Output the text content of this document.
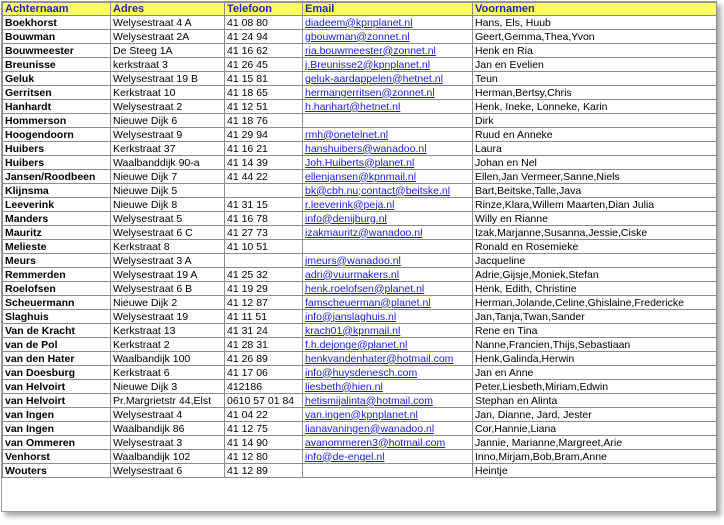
Achternaam	Adres	Telefoon	Email	Voornamen
Boekhorst	Welysestraat 4 A	41 08 80	diadeem@kpnplanet.nl	Hans, Els, Huub
Bouwman	Welysestraat 2A	41 24 94	gbouwman@zonnet.nl	Geert,Gemma,Thea,Yvon
Bouwmeester	De Steeg 1A	41 16 62	ria.bouwmeester@zonnet.nl	Henk en Ria
Breunisse	kerkstraat 3	41 26 45	j.Breunisse2@kpnplanet.nl	Jan en Evelien
Geluk	Welysestraat 19 B	41 15 81	geluk-aardappelen@hetnet.nl	Teun
Gerritsen	Kerkstraat 10	41 18 65	hermangerritsen@zonnet.nl	Herman,Bertsy,Chris
Hanhardt	Welysestraat 2	41 12 51	h.hanhart@hetnet.nl	Henk, Ineke, Lonneke, Karin
Hommerson	Nieuwe Dijk 6	41 18 76		Dirk
Hoogendoorn	Welysestraat 9	41 29 94	rmh@onetelnet.nl	Ruud en Anneke
Huibers	Kerkstraat 37	41 16 21	hanshuibers@wanadoo.nl	Laura
Huibers	Waalbanddijk 90-a	41 14 39	Joh.Huiberts@planet.nl	Johan en Nel
Jansen/Roodbeen	Nieuwe Dijk 7	41 44 22	ellenjansen@kpnmail.nl	Ellen,Jan Vermeer,Sanne,Niels
Klijnsma	Nieuwe Dijk 5		bk@cbh.nu;contact@beitske.nl	Bart,Beitske,Talle,Java
Leeverink	Nieuwe Dijk 8	41 31 15	r.leeverink@peja.nl	Rinze,Klara,Willem Maarten,Dian Julia
Manders	Welysestraat 5	41 16 78	info@denijburg.nl	Willy en Rianne
Mauritz	Welysestraat 6 C	41 27 73	izakmauritz@wanadoo.nl	Izak,Marjanne,Susanna,Jessie,Ciske
Melieste	Kerkstraat 8	41 10 51		Ronald en Rosemieke
Meurs	Welysestraat 3 A		jmeurs@wanadoo.nl	Jacqueline
Remmerden	Welysestraat 19 A	41 25 32	adri@vuurmakers.nl	Adrie,Gijsje,Moniek,Stefan
Roelofsen	Welysestraat 6 B	41 19 29	henk.roelofsen@planet.nl	Henk, Edith, Christine
Scheuermann	Nieuwe Dijk 2	41 12 87	famscheuerman@planet.nl	Herman,Jolande,Celine,Ghislaine,Fredericke
Slaghuis	Welysestraat 19	41 11 51	info@janslaghuis.nl	Jan,Tanja,Twan,Sander
Van de Kracht	Kerkstraat 13	41 31 24	krach01@kpnmail.nl	Rene en Tina
van de Pol	Kerkstraat 2	41 28 31	f.h.dejonge@planet.nl	Nanne,Francien,Thijs,Sebastiaan
van den Hater	Waalbandijk 100	41 26 89	henkvandenhater@hotmail.com	Henk,Galinda,Herwin
van Doesburg	Kerkstraat 6	41 17 06	info@huysdenesch.com	Jan en Anne
van Helvoirt	Nieuwe Dijk 3	412186	liesbeth@hien.nl	Peter,Liesbeth,Miriam,Edwin
van Helvoirt	Pr.Margrietstr 44,Elst	0610 57 01 84	hetismijalinta@hotmail.com	Stephan en Alinta
van Ingen	Welysestraat 4	41 04 22	van.ingen@kpnplanet.nl	Jan, Dianne, Jard, Jester
van Ingen	Waalbandijk 86	41 12 75	lianavaningen@wanadoo.nl	Cor,Hannie,Liana
van Ommeren	Welysestraat 3	41 14 90	avanommeren3@hotmail.com	Jannie, Marianne,Margreet,Arie
Venhorst	Waalbandijk 102	41 12 80	info@de-engel.nl	Inno,Mirjam,Bob,Bram,Anne
Wouters	Welysestraat 6	41 12 89		Heintje
